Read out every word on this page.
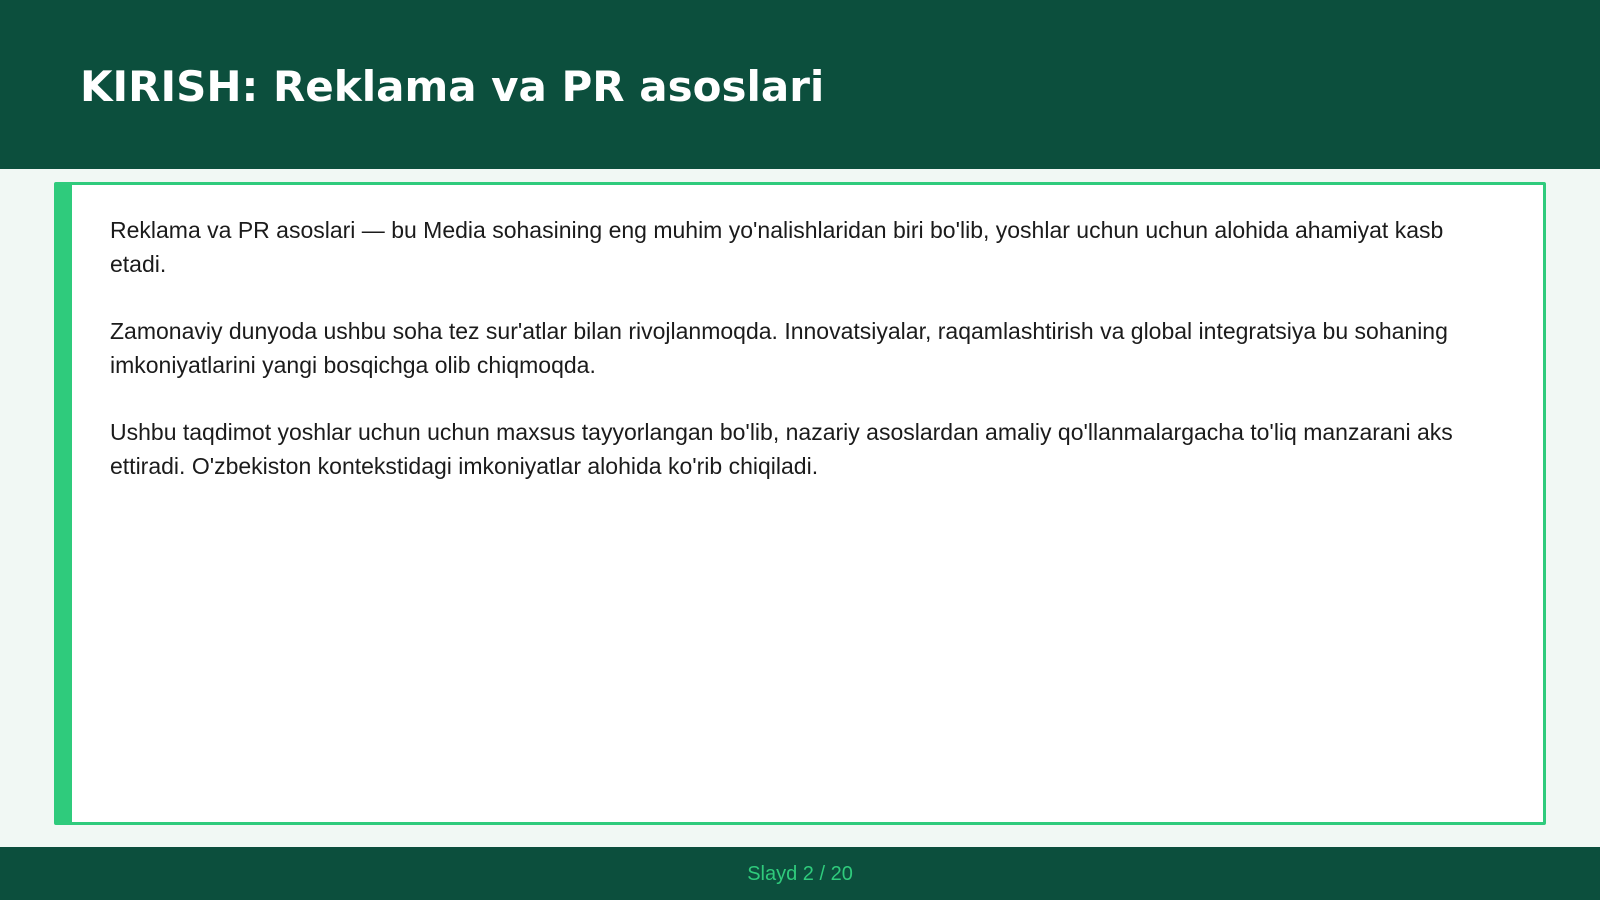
KIRISH: Reklama va PR asoslari

Reklama va PR asoslari — bu Media sohasining eng muhim yo'nalishlaridan biri bo'lib, yoshlar uchun uchun alohida ahamiyat kasb etadi.

Zamonaviy dunyoda ushbu soha tez sur'atlar bilan rivojlanmoqda. Innovatsiyalar, raqamlashtirish va global integratsiya bu sohaning imkoniyatlarini yangi bosqichga olib chiqmoqda.

Ushbu taqdimot yoshlar uchun uchun maxsus tayyorlangan bo'lib, nazariy asoslardan amaliy qo'llanmalargacha to'liq manzarani aks ettiradi. O'zbekiston kontekstidagi imkoniyatlar alohida ko'rib chiqiladi.

Slayd 2 / 20
